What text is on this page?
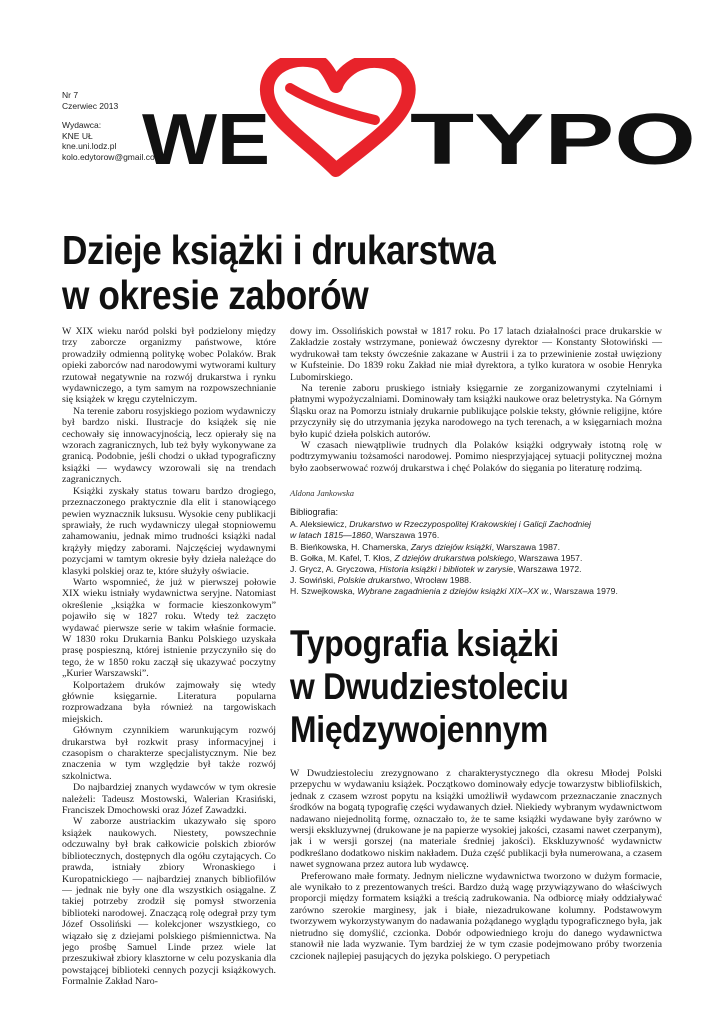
Nr 7
Czerwiec 2013
Wydawca:
KNE UŁ
kne.uni.lodz.pl
kolo.edytorow@gmail.com
WE TYPO
Dzieje książki i drukarstwa
w okresie zaborów

W XIX wieku naród polski był podzielony między trzy zaborcze organizmy państwowe, które prowadziły odmienną politykę wobec Polaków. Brak opieki zaborców nad narodowymi wytworami kultury rzutował negatywnie na rozwój drukarstwa i rynku wydawniczego, a tym samym na rozpowszechnianie się książek w kręgu czytelniczym.

Na terenie zaboru rosyjskiego poziom wydawniczy był bardzo niski. Ilustracje do książek się nie cechowały się innowacyjnością, lecz opierały się na wzorach zagranicznych, lub też były wykonywane za granicą. Podobnie, jeśli chodzi o układ typograficzny książki — wydawcy wzorowali się na trendach zagranicznych.

Książki zyskały status towaru bardzo drogiego, przeznaczonego praktycznie dla elit i stanowiącego pewien wyznacznik luksusu. Wysokie ceny publikacji sprawiały, że ruch wydawniczy ulegał stopniowemu zahamowaniu, jednak mimo trudności książki nadal krążyły między zaborami. Najczęściej wydawnymi pozycjami w tamtym okresie były dzieła należące do klasyki polskiej oraz te, które służyły oświacie.

Warto wspomnieć, że już w pierwszej połowie XIX wieku istniały wydawnictwa seryjne. Natomiast określenie „książka w formacie kieszonkowym” pojawiło się w 1827 roku. Wtedy też zaczęto wydawać pierwsze serie w takim właśnie formacie. W 1830 roku Drukarnia Banku Polskiego uzyskała prasę pospieszną, której istnienie przyczyniło się do tego, że w 1850 roku zaczął się ukazywać poczytny „Kurier Warszawski”.

Kolportażem druków zajmowały się wtedy głównie księgarnie. Literatura popularna rozprowadzana była również na targowiskach miejskich.

Głównym czynnikiem warunkującym rozwój drukarstwa był rozkwit prasy informacyjnej i czasopism o charakterze specjalistycznym. Nie bez znaczenia w tym względzie był także rozwój szkolnictwa.

Do najbardziej znanych wydawców w tym okresie należeli: Tadeusz Mostowski, Walerian Krasiński, Franciszek Dmochowski oraz Józef Zawadzki.

W zaborze austriackim ukazywało się sporo książek naukowych. Niestety, powszechnie odczuwalny był brak całkowicie polskich zbiorów bibliotecznych, dostępnych dla ogółu czytających. Co prawda, istniały zbiory Wronaskiego i Kuropatnickiego — najbardziej znanych bibliofilów — jednak nie były one dla wszystkich osiągalne. Z takiej potrzeby zrodził się pomysł stworzenia biblioteki narodowej. Znaczącą rolę odegrał przy tym Józef Ossoliński — kolekcjoner wszystkiego, co wiązało się z dziejami polskiego piśmiennictwa. Na jego prośbę Samuel Linde przez wiele lat przeszukiwał zbiory klasztorne w celu pozyskania dla powstającej biblioteki cennych pozycji książkowych. Formalnie Zakład Naro-

dowy im. Ossolińskich powstał w 1817 roku. Po 17 latach działalności prace drukarskie w Zakładzie zostały wstrzymane, ponieważ ówczesny dyrektor — Konstanty Słotowiński — wydrukował tam teksty ówcześnie zakazane w Austrii i za to przewinienie został uwięziony w Kufsteinie. Do 1839 roku Zakład nie miał dyrektora, a tylko kuratora w osobie Henryka Lubomirskiego.

Na terenie zaboru pruskiego istniały księgarnie ze zorganizowanymi czytelniami i płatnymi wypożyczalniami. Dominowały tam książki naukowe oraz beletrystyka. Na Górnym Śląsku oraz na Pomorzu istniały drukarnie publikujące polskie teksty, głównie religijne, które przyczyniły się do utrzymania języka narodowego na tych terenach, a w księgarniach można było kupić dzieła polskich autorów.

W czasach niewątpliwie trudnych dla Polaków książki odgrywały istotną rolę w podtrzymywaniu tożsamości narodowej. Pomimo niesprzyjającej sytuacji politycznej można było zaobserwować rozwój drukarstwa i chęć Polaków do sięgania po literaturę rodzimą.

Aldona Jankowska
Bibliografia:
A. Aleksiewicz, Drukarstwo w Rzeczypospolitej Krakowskiej i Galicji Zachodniej
w latach 1815—1860, Warszawa 1976.
B. Bieńkowska, H. Chamerska, Zarys dziejów książki, Warszawa 1987.
B. Gołka, M. Kafel, T. Kłos, Z dziejów drukarstwa polskiego, Warszawa 1957.
J. Grycz, A. Gryczowa, Historia książki i bibliotek w zarysie, Warszawa 1972.
J. Sowiński, Polskie drukarstwo, Wrocław 1988.
H. Szwejkowska, Wybrane zagadnienia z dziejów książki XIX–XX w., Warszawa 1979.
Typografia książki
w Dwudziestoleciu
Międzywojennym

W Dwudziestoleciu zrezygnowano z charakterystycznego dla okresu Młodej Polski przepychu w wydawaniu książek. Początkowo dominowały edycje towarzystw bibliofilskich, jednak z czasem wzrost popytu na książki umożliwił wydawcom przeznaczanie znacznych środków na bogatą typografię części wydawanych dzieł. Niekiedy wybranym wydawnictwom nadawano niejednolitą formę, oznaczało to, że te same książki wydawane były zarówno w wersji ekskluzywnej (drukowane je na papierze wysokiej jakości, czasami nawet czerpanym), jak i w wersji gorszej (na materiale średniej jakości). Ekskluzywność wydawnictw podkreślano dodatkowo niskim nakładem. Duża część publikacji była numerowana, a czasem nawet sygnowana przez autora lub wydawcę.

Preferowano małe formaty. Jednym nieliczne wydawnictwa tworzono w dużym formacie, ale wynikało to z prezentowanych treści. Bardzo dużą wagę przywiązywano do właściwych proporcji między formatem książki a treścią zadrukowania. Na odbiorcę miały oddziaływać zarówno szerokie marginesy, jak i białe, niezadrukowane kolumny. Podstawowym tworzywem wykorzystywanym do nadawania pożądanego wyglądu typograficznego była, jak nietrudno się domyślić, czcionka. Dobór odpowiedniego kroju do danego wydawnictwa stanowił nie lada wyzwanie. Tym bardziej że w tym czasie podejmowano próby tworzenia czcionek najlepiej pasujących do języka polskiego. O perypetiach
